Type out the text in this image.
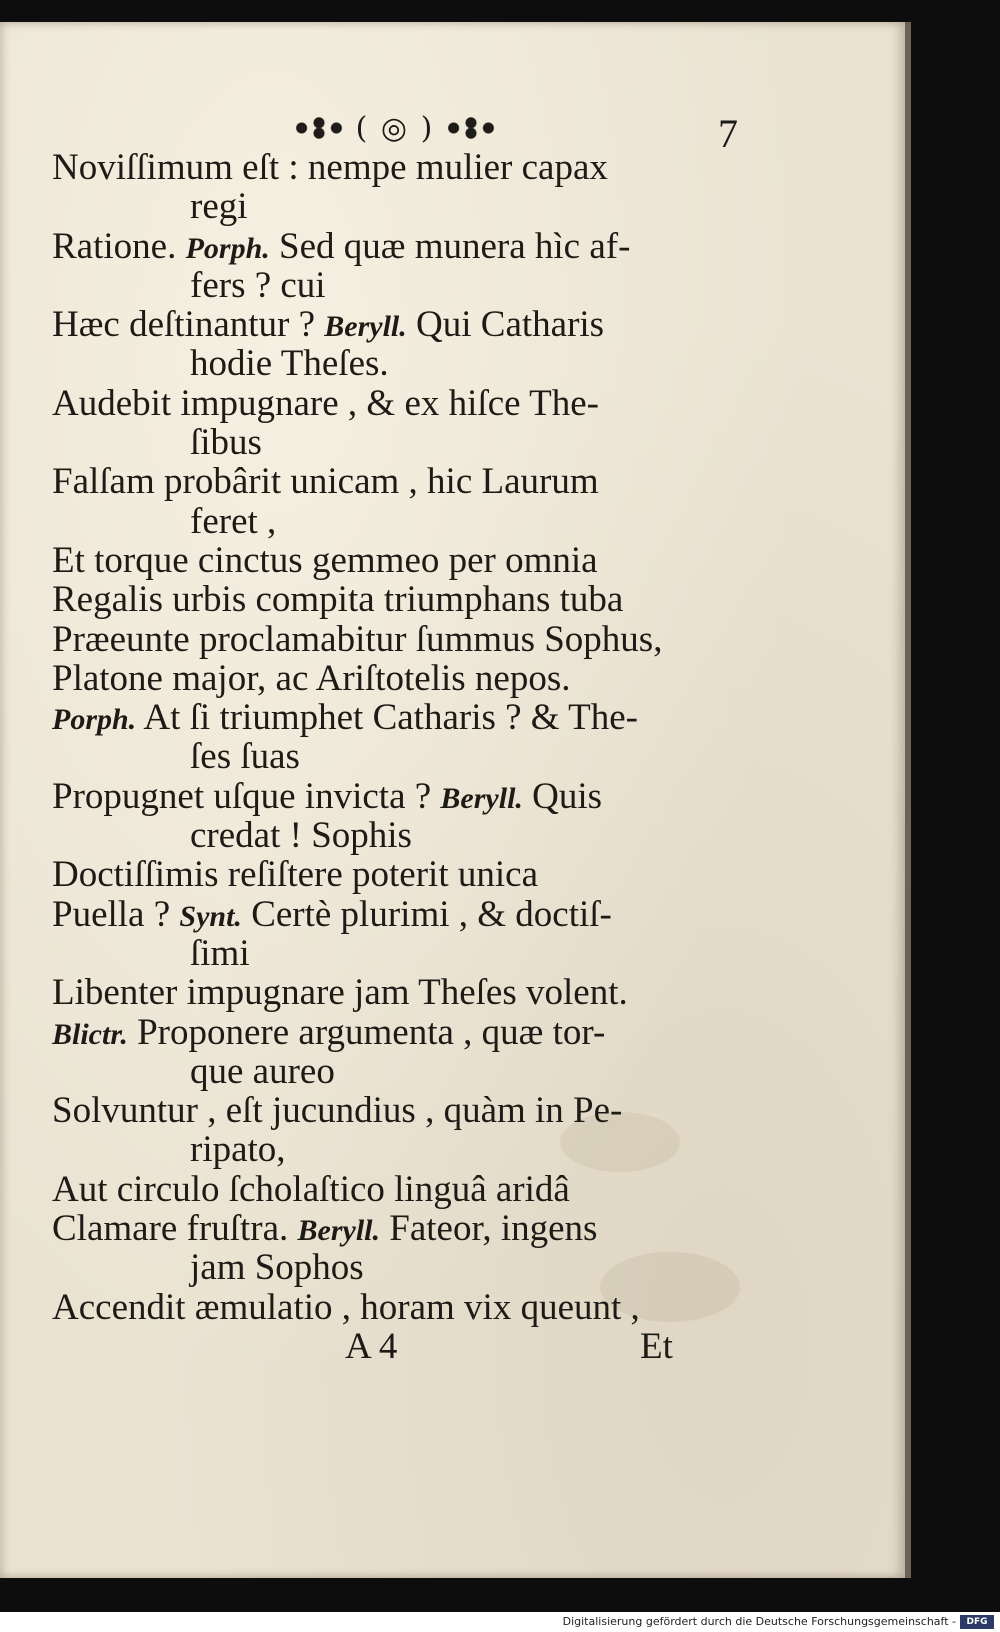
( ◎ )	7
Noviſſimum eſt : nempe mulier capax
regi
Ratione. Porph. Sed quæ munera hìc af-
fers ? cui
Hæc deſtinantur ? Beryll. Qui Catharis
hodie Theſes.
Audebit impugnare , & ex hiſce The-
ſibus
Falſam probârit unicam , hic Laurum
feret ,
Et torque cinctus gemmeo per omnia
Regalis urbis compita triumphans tuba
Præeunte proclamabitur ſummus Sophus,
Platone major, ac Ariſtotelis nepos.
Porph. At ſi triumphet Catharis ? & The-
ſes ſuas
Propugnet uſque invicta ? Beryll. Quis
credat ! Sophis
Doctiſſimis reſiſtere poterit unica
Puella ? Synt. Certè plurimi , & doctiſ-
ſimi
Libenter impugnare jam Theſes volent.
Blictr. Proponere argumenta , quæ tor-
que aureo
Solvuntur , eſt jucundius , quàm in Pe-
ripato,
Aut circulo ſcholaſtico linguâ aridâ
Clamare fruſtra. Beryll. Fateor, ingens
jam Sophos
Accendit æmulatio , horam vix queunt ,
A 4	Et
Digitalisierung gefördert durch die Deutsche Forschungsgemeinschaft -	DFG
